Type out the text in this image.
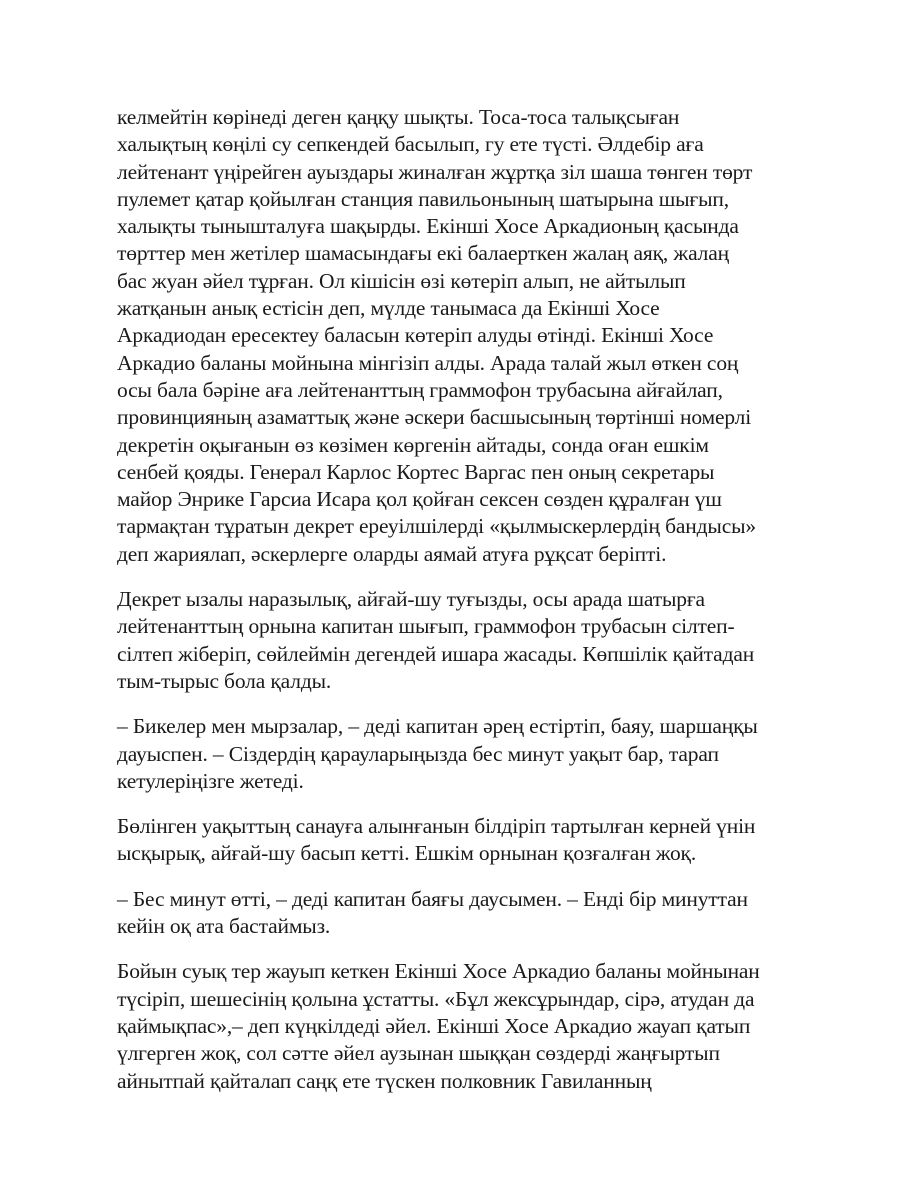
келмейтін көрінеді деген қаңқу шықты. Тоса-тоса талықсыған
халықтың көңілі су сепкендей басылып, гу ете түсті. Әлдебір аға
лейтенант үңірейген ауыздары жиналған жұртқа зіл шаша төнген төрт
пулемет қатар қойылған станция павильонының шатырына шығып,
халықты тынышталуға шақырды. Екінші Хосе Аркадионың қасында
төрттер мен жетілер шамасындағы екі балаерткен жалаң аяқ, жалаң
бас жуан әйел тұрған. Ол кішісін өзі көтеріп алып, не айтылып
жатқанын анық естісін деп, мүлде танымаса да Екінші Хосе
Аркадиодан ересектеу баласын көтеріп алуды өтінді. Екінші Хосе
Аркадио баланы мойнына мінгізіп алды. Арада талай жыл өткен соң
осы бала бәріне аға лейтенанттың граммофон трубасына айғайлап,
провинцияның азаматтық және әскери басшысының төртінші номерлі
декретін оқығанын өз көзімен көргенін айтады, сонда оған ешкім
сенбей қояды. Генерал Карлос Кортес Варгас пен оның секретары
майор Энрике Гарсиа Исара қол қойған сексен сөзден құралған үш
тармақтан тұратын декрет ереуілшілерді «қылмыскерлердің бандысы»
деп жариялап, әскерлерге оларды аямай атуға рұқсат беріпті.

Декрет ызалы наразылық, айғай-шу туғызды, осы арада шатырға
лейтенанттың орнына капитан шығып, граммофон трубасын сілтеп-
сілтеп жіберіп, сөйлеймін дегендей ишара жасады. Көпшілік қайтадан
тым-тырыс бола қалды.

– Бикелер мен мырзалар, – деді капитан әрең естіртіп, баяу, шаршаңқы
дауыспен. – Сіздердің қарауларыңызда бес минут уақыт бар, тарап
кетулеріңізге жетеді.

Бөлінген уақыттың санауға алынғанын білдіріп тартылған керней үнін
ысқырық, айғай-шу басып кетті. Ешкім орнынан қозғалған жоқ.

– Бес минут өтті, – деді капитан баяғы даусымен. – Енді бір минуттан
кейін оқ ата бастаймыз.

Бойын суық тер жауып кеткен Екінші Хосе Аркадио баланы мойнынан
түсіріп, шешесінің қолына ұстатты. «Бұл жексұрындар, сірә, атудан да
қаймықпас»,– деп күңкілдеді әйел. Екінші Хосе Аркадио жауап қатып
үлгерген жоқ, сол сәтте әйел аузынан шыққан сөздерді жаңғыртып
айнытпай қайталап саңқ ете түскен полковник Гавиланның
